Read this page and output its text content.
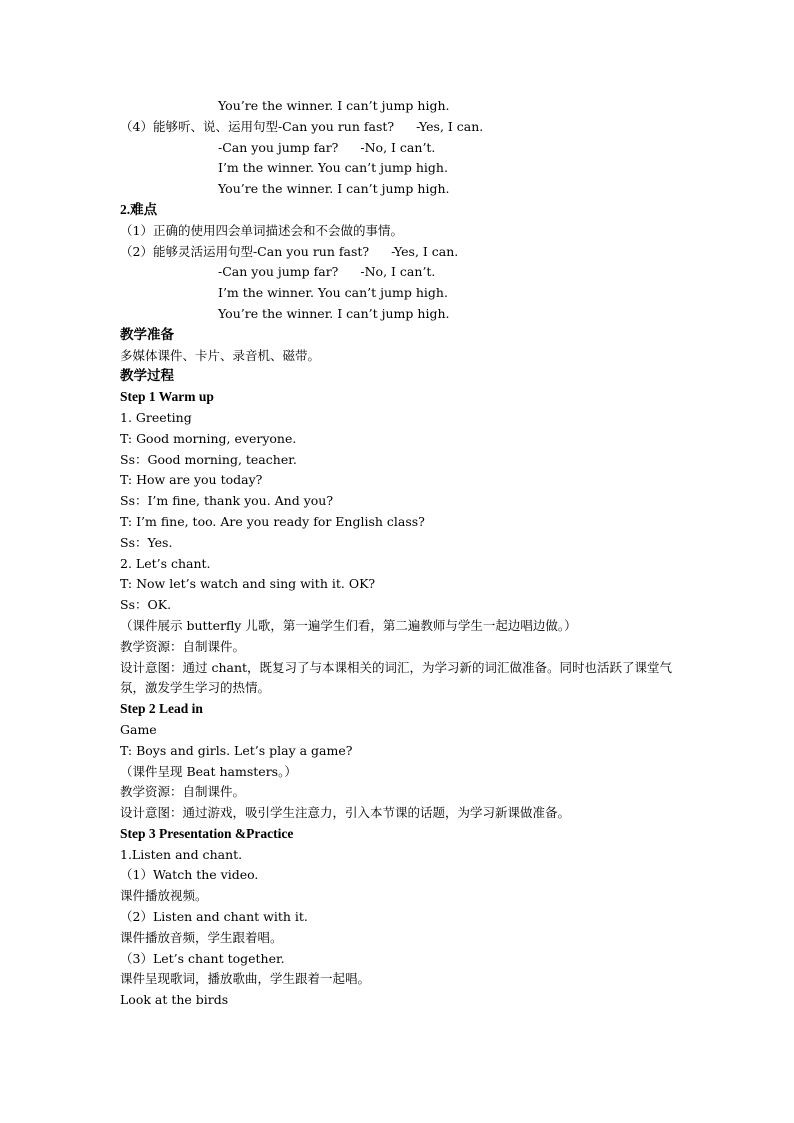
You’re the winner. I can’t jump high.
（4）能够听、说、运用句型-Can you run fast? -Yes, I can.
-Can you jump far? -No, I can’t.
I’m the winner. You can’t jump high.
You’re the winner. I can’t jump high.
2.难点
（1）正确的使用四会单词描述会和不会做的事情。
（2）能够灵活运用句型-Can you run fast? -Yes, I can.
-Can you jump far? -No, I can’t.
I’m the winner. You can’t jump high.
You’re the winner. I can’t jump high.
教学准备
多媒体课件、卡片、录音机、磁带。
教学过程
Step 1 Warm up
1. Greeting
T: Good morning, everyone.
Ss：Good morning, teacher.
T: How are you today?
Ss：I’m fine, thank you. And you?
T: I’m fine, too. Are you ready for English class?
Ss：Yes.
2. Let’s chant.
T: Now let’s watch and sing with it. OK?
Ss：OK.
（课件展示 butterfly 儿歌，第一遍学生们看，第二遍教师与学生一起边唱边做。）
教学资源：自制课件。
设计意图：通过 chant，既复习了与本课相关的词汇，为学习新的词汇做准备。同时也活跃了课堂气氛，激发学生学习的热情。
Step 2 Lead in
Game
T: Boys and girls. Let’s play a game?
（课件呈现 Beat hamsters。）
教学资源：自制课件。
设计意图：通过游戏，吸引学生注意力，引入本节课的话题，为学习新课做准备。
Step 3 Presentation &Practice
1.Listen and chant.
（1）Watch the video.
课件播放视频。
（2）Listen and chant with it.
课件播放音频，学生跟着唱。
（3）Let’s chant together.
课件呈现歌词，播放歌曲，学生跟着一起唱。
Look at the birds
